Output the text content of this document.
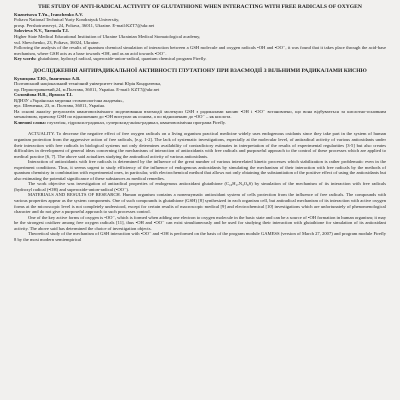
THE STUDY OF ANTI-RADICAL ACTIVITY OF GLUTATHIONE WHEN INTERACTING WITH FREE RADICALS OF OXYGEN

Kuznetsova T.Yu., Ivanchenko A.V.

Poltava National Technical Yuriy Kondratyuk University,

prosp. Pershotravnevyi, 24, Poltava, 36011, Ukraine. E-mail:KZT7@ukr.net

Solovieva N.V., Yarmola T.I.

Higher State Medical Educational Institution of Ukraine Ukrainian Medical Stomatological academy,

vul. Shevchenko, 23, Poltava, 36024, Ukraine.

Following the analysis of the results of quantum chemical simulation of interaction between a GSH molecule and oxygen radicals •OH and •OO⁻, it was found that it takes place through the acid-base mechanism, where GSH acts as a base towards •OH, and as an acid towards •OO⁻.

Key words: glutathione, hydroxyl radical, superoxide-anion-radical, quantum chemical program Firefly.

ДОСЛІДЖЕННЯ АНТИРАДИКАЛЬНОЇ АКТИВНОСТІ ГЛУТАТІОНУ ПРИ ВЗАЄМОДІЇ З ВІЛЬНИМИ РАДИКАЛАМИ КИСНЮ

Кузнєцова Т.Ю., Іванченко А.В.

Полтавський національний технічний університет імені Юрія Кондратюка,

пр. Першотравневий,24, м.Полтава, 36011, Україна. E-mail: KZT7@ukr.net

Соловйова Н.В., Ярмола Т.І.

ВДНЗУ «Українська медична стоматологічна академія»,

вул. Шевченка, 23, м. Полтава, 36011, Україна.

На основі аналізу результатів квантовохімічного моделювання взаємодії молекули GSH з радикалами кисню •ОН і •ОО⁻ встановлено, що вона відбувається за кислотно-основним механізмом, причому GSH по відношенню до •ОН виступає як основа, а по відношенню до •ОО⁻ – як кислота.

Ключові слова: глутатіон, гідроксил-радикал, супероксид-аніон-радикал, квантовохімічна програма Firefly.

ACTUALITY. To decrease the negative effect of free oxygen radicals on a living organism practical medicine widely uses endogenous oxidants since they take part in the system of human organism protection from the aggressive action of free radicals, [e.g. 1-2]. The lack of systematic investigations, especially at the molecular level, of antiradical activity of various antioxidants under their interaction with free radicals in biological systems not only determines availability of contradictory estimates in interpretation of the results of experimental regularities [3-5] but also creates difficulties in development of general ideas concerning the mechanisms of interaction of antioxidants with free radicals and purposeful approach to the control of these processes which are applied to medical practice [6, 7]. The above said actualizes studying the antiradical activity of various antioxidants.

Interaction of antioxidants with free radicals is determined by the influence of the great number of various interrelated kinetic processes which stabilization is rather problematic even in the experiment conditions. Thus, it seems urgent to study efficiency of the influence of endogenous antioxidants by simulating the mechanism of their interaction with free radicals by the methods of quantum chemistry in combination with experimental ones, in particular, with electrochemical method that allows not only obtaining the substantiation of the positive effect of using the antioxidants but also estimating the potential significance of these substances as medical remedies.

The work objective was investigation of antiradical properties of endogenous antioxidant glutathione (C₁₀H₁₇N₃O₆S) by simulation of the mechanism of its interaction with free radicals (hydroxyl radical (•OH) and superoxide-anion-radical (•OO⁻).

MATERIALS AND RESULTS OF RESEARCH. Human organism contains a nonenzymatic antioxidant system of cells protection from the influence of free radicals. The compounds with various properties appear as the system components. One of such compounds is glutathione (GSH) [8] synthesized in each organism cell, but antiradical mechanism of its interaction with active oxygen forms at the microscopic level is not completely understood, except for certain results of macroscopic medical [9] and electrochemical [10] investigations which are unfortunately of phenomenological character and do not give a purposeful approach to such processes control.

One of the key active forms of oxygen is •OO⁻, which is formed when adding one electron to oxygen molecule in the basic state and can be a source of •OH formation in human organism; it may be the strongest oxidizer among free oxygen radicals [11], thus •OH and •OO⁻ can exist simultaneously and be used for studying their interaction with glutathione for simulation of its antioxidant activity. The above said has determined the choice of investigation objects.

Theoretical study of the mechanism of GSH interaction with •OO⁻ and •OH is performed on the basis of the program module GAMESS (version of March 27, 2007) and program module Firefly 8 by the most modern semiempirical
